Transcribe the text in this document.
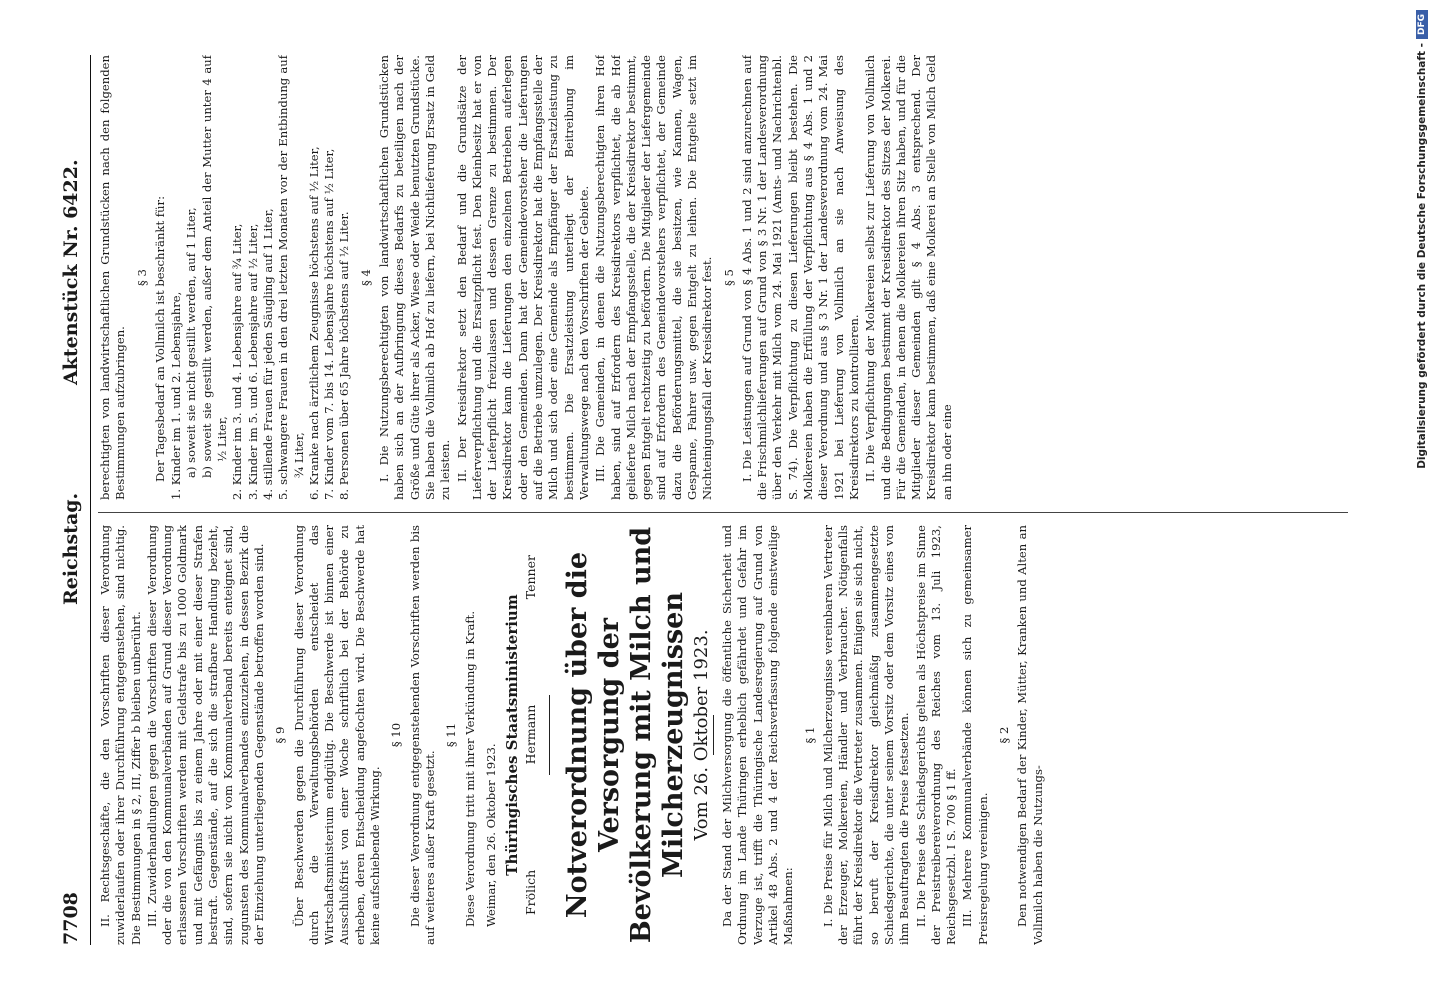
7708
Reichstag.
Aktenstück Nr. 6422.

II. Rechtsgeschäfte, die den Vorschriften dieser Verordnung zuwiderlaufen oder ihrer Durchführung entgegenstehen, sind nichtig. Die Bestimmungen in § 2, III, Ziffer b bleiben unberührt. III. Zuwiderhandlungen gegen die Vorschriften dieser Verordnung oder die von den Kommunalverbänden auf Grund dieser Verordnung erlassenen Vorschriften werden mit Geldstrafe bis zu 1000 Goldmark und mit Gefängnis bis zu einem Jahre oder mit einer dieser Strafen bestraft. Gegenstände, auf die sich die strafbare Handlung bezieht, sind, sofern sie nicht vom Kommunalverband bereits enteignet sind, zugunsten des Kommunalverbandes einzuziehen, in dessen Bezirk die der Einziehung unterliegenden Gegenstände betroffen worden sind. § 9 Über Beschwerden gegen die Durchführung dieser Verordnung durch die Verwaltungsbehörden entscheidet das Wirtschaftsministerium endgültig. Die Beschwerde ist binnen einer Ausschlußfrist von einer Woche schriftlich bei der Behörde zu erheben, deren Entscheidung angefochten wird. Die Beschwerde hat keine aufschiebende Wirkung.

§ 10 Die dieser Verordnung entgegenstehenden Vorschriften werden bis auf weiteres außer Kraft gesetzt.

§ 11 Diese Verordnung tritt mit ihrer Verkündung in Kraft. Weimar, den 26. Oktober 1923. Thüringisches Staatsministerium
Frölich
Hermann
Tenner Notverordnung über die Versorgung der Bevölkerung mit Milch und Milcherzeugnissen Vom 26. Oktober 1923. Da der Stand der Milchversorgung die öffentliche Sicherheit und Ordnung im Lande Thüringen erheblich gefährdet und Gefahr im Verzuge ist, trifft die Thüringische Landesregierung auf Grund von Artikel 48 Abs. 2 und 4 der Reichsverfassung folgende einstweilige Maßnahmen:

§ 1 I. Die Preise für Milch und Milcherzeugnisse vereinbaren Vertreter der Erzeuger, Molkereien, Händler und Verbraucher. Nötigenfalls führt der Kreisdirektor die Vertreter zusammen. Einigen sie sich nicht, so beruft der Kreisdirektor gleichmäßig zusammengesetzte Schiedsgerichte, die unter seinem Vorsitz oder dem Vorsitz eines von ihm Beauftragten die Preise festsetzen. II. Die Preise des Schiedsgerichts gelten als Höchstpreise im Sinne der Preistreibereiverordnung des Reiches vom 13. Juli 1923, Reichsgesetzbl. I S. 700 § 1 ff. III. Mehrere Kommunalverbände können sich zu gemeinsamer Preisregelung vereinigen.

§ 2 Den notwendigen Bedarf der Kinder, Mütter, Kranken und Alten an Vollmilch haben die Nutzungs-

berechtigten von landwirtschaftlichen Grundstücken nach den folgenden Bestimmungen aufzubringen.

§ 3 Der Tagesbedarf an Vollmilch ist beschränkt für: 1. Kinder im 1. und 2. Lebensjahre, a) soweit sie nicht gestillt werden, auf 1 Liter, b) soweit sie gestillt werden, außer dem Anteil der Mutter unter 4 auf ½ Liter, 2. Kinder im 3. und 4. Lebensjahre auf ¾ Liter, 3. Kinder im 5. und 6. Lebensjahre auf ½ Liter, 4. stillende Frauen für jeden Säugling auf 1 Liter, 5. schwangere Frauen in den drei letzten Monaten vor der Entbindung auf ¾ Liter, 6. Kranke nach ärztlichem Zeugnisse höchstens auf ½ Liter, 7. Kinder vom 7. bis 14. Lebensjahre höchstens auf ½ Liter, 8. Personen über 65 Jahre höchstens auf ½ Liter. § 4 I. Die Nutzungsberechtigten von landwirtschaftlichen Grundstücken haben sich an der Aufbringung dieses Bedarfs zu beteiligen nach der Größe und Güte ihrer als Acker, Wiese oder Weide benutzten Grundstücke. Sie haben die Vollmilch ab Hof zu liefern, bei Nichtlieferung Ersatz in Geld zu leisten. II. Der Kreisdirektor setzt den Bedarf und die Grundsätze der Lieferverpflichtung und die Ersatzpflicht fest. Den Kleinbesitz hat er von der Lieferpflicht freizulassen und dessen Grenze zu bestimmen. Der Kreisdirektor kann die Lieferungen den einzelnen Betrieben auferlegen oder den Gemeinden. Dann hat der Gemeindevorsteher die Lieferungen auf die Betriebe umzulegen. Der Kreisdirektor hat die Empfangsstelle der Milch und sich oder eine Gemeinde als Empfänger der Ersatzleistung zu bestimmen. Die Ersatzleistung unterliegt der Beitreibung im Verwaltungswege nach den Vorschriften der Gebiete. III. Die Gemeinden, in denen die Nutzungsberechtigten ihren Hof haben, sind auf Erfordern des Kreisdirektors verpflichtet, die ab Hof gelieferte Milch nach der Empfangsstelle, die der Kreisdirektor bestimmt, gegen Entgelt rechtzeitig zu befördern. Die Mitglieder der Liefergemeinde sind auf Erfordern des Gemeindevorstehers verpflichtet, der Gemeinde dazu die Beförderungsmittel, die sie besitzen, wie Kannen, Wagen, Gespanne, Fahrer usw. gegen Entgelt zu leihen. Die Entgelte setzt im Nichteinigungsfall der Kreisdirektor fest. § 5 I. Die Leistungen auf Grund von § 4 Abs. 1 und 2 sind anzurechnen auf die Frischmilchlieferungen auf Grund von § 3 Nr. 1 der Landesverordnung über den Verkehr mit Milch vom 24. Mai 1921 (Amts- und Nachrichtenbl. S. 74). Die Verpflichtung zu diesen Lieferungen bleibt bestehen. Die Molkereien haben die Erfüllung der Verpflichtung aus § 4 Abs. 1 und 2 dieser Verordnung und aus § 3 Nr. 1 der Landesverordnung vom 24. Mai 1921 bei Lieferung von Vollmilch an sie nach Anweisung des Kreisdirektors zu kontrollieren. II. Die Verpflichtung der Molkereien selbst zur Lieferung von Vollmilch und die Bedingungen bestimmt der Kreisdirektor des Sitzes der Molkerei. Für die Gemeinden, in denen die Molkereien ihren Sitz haben, und für die Mitglieder dieser Gemeinden gilt § 4 Abs. 3 entsprechend. Der Kreisdirektor kann bestimmen, daß eine Molkerei an Stelle von Milch Geld an ihn oder eine	Digitalisierung gefördert durch die Deutsche Forschungsgemeinschaft -
DFG
